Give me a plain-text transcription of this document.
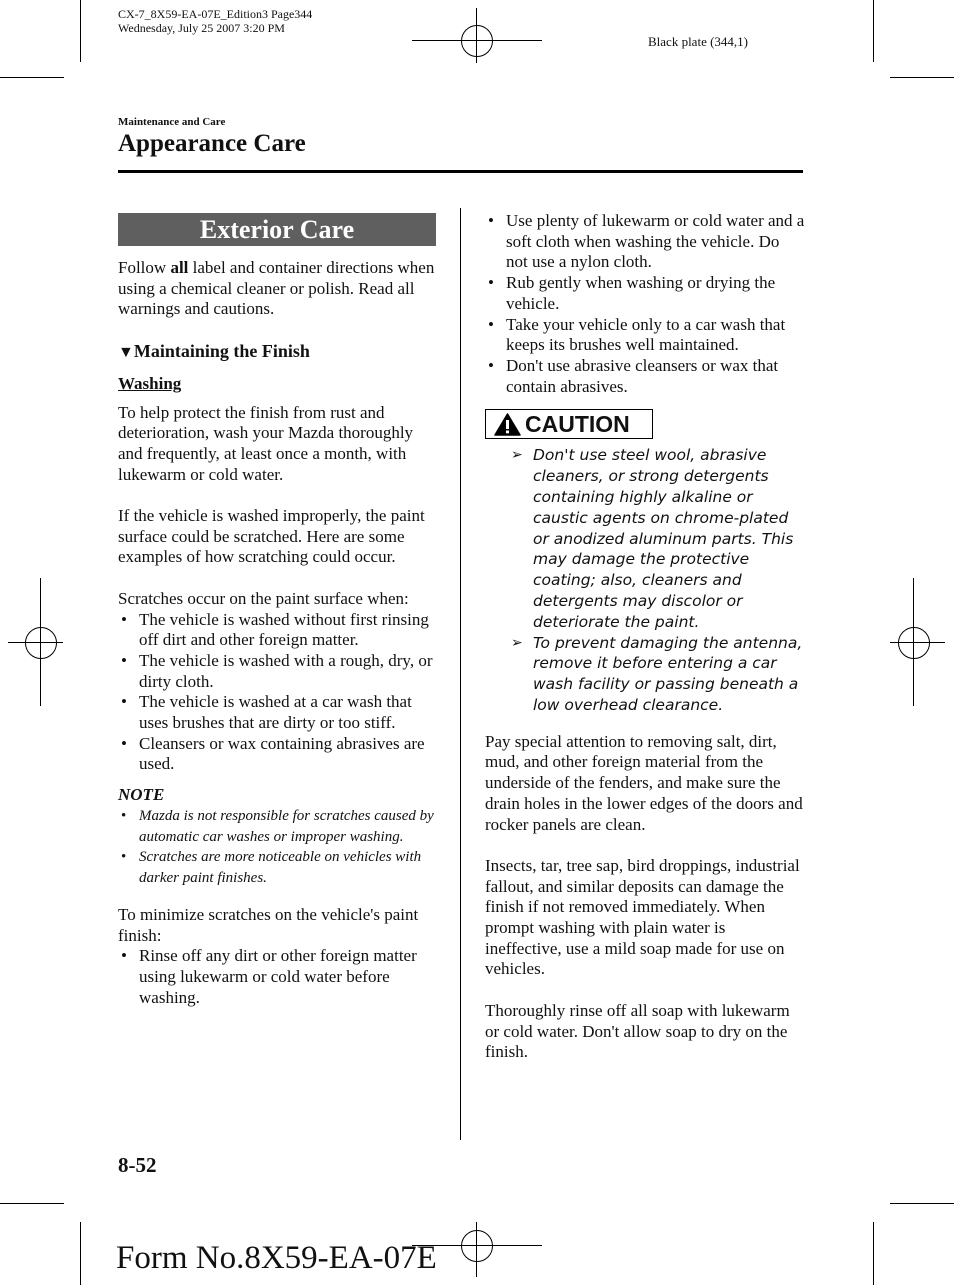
CX-7_8X59-EA-07E_Edition3 Page344
Wednesday, July 25 2007 3:20 PM
Black plate (344,1)
Maintenance and Care
Appearance Care
Exterior Care

Follow all label and container directions when using a chemical cleaner or polish. Read all warnings and cautions.

▼Maintaining the Finish
Washing

To help protect the finish from rust and deterioration, wash your Mazda thoroughly and frequently, at least once a month, with lukewarm or cold water.

If the vehicle is washed improperly, the paint surface could be scratched. Here are some examples of how scratching could occur.

Scratches occur on the paint surface when:

• The vehicle is washed without first rinsing off dirt and other foreign matter.
• The vehicle is washed with a rough, dry, or dirty cloth.
• The vehicle is washed at a car wash that uses brushes that are dirty or too stiff.
• Cleansers or wax containing abrasives are used.
NOTE
• Mazda is not responsible for scratches caused by automatic car washes or improper washing.
• Scratches are more noticeable on vehicles with darker paint finishes.

To minimize scratches on the vehicle's paint finish:

• Rinse off any dirt or other foreign matter using lukewarm or cold water before washing.
• Use plenty of lukewarm or cold water and a soft cloth when washing the vehicle. Do not use a nylon cloth.
• Rub gently when washing or drying the vehicle.
• Take your vehicle only to a car wash that keeps its brushes well maintained.
• Don't use abrasive cleansers or wax that contain abrasives.
CAUTION
➢ Don't use steel wool, abrasive cleaners, or strong detergents containing highly alkaline or caustic agents on chrome-plated or anodized aluminum parts. This may damage the protective coating; also, cleaners and detergents may discolor or deteriorate the paint.
➢ To prevent damaging the antenna, remove it before entering a car wash facility or passing beneath a low overhead clearance.

Pay special attention to removing salt, dirt, mud, and other foreign material from the underside of the fenders, and make sure the drain holes in the lower edges of the doors and rocker panels are clean.

Insects, tar, tree sap, bird droppings, industrial fallout, and similar deposits can damage the finish if not removed immediately. When prompt washing with plain water is ineffective, use a mild soap made for use on vehicles.

Thoroughly rinse off all soap with lukewarm or cold water. Don't allow soap to dry on the finish.

8-52
Form No.8X59-EA-07E
